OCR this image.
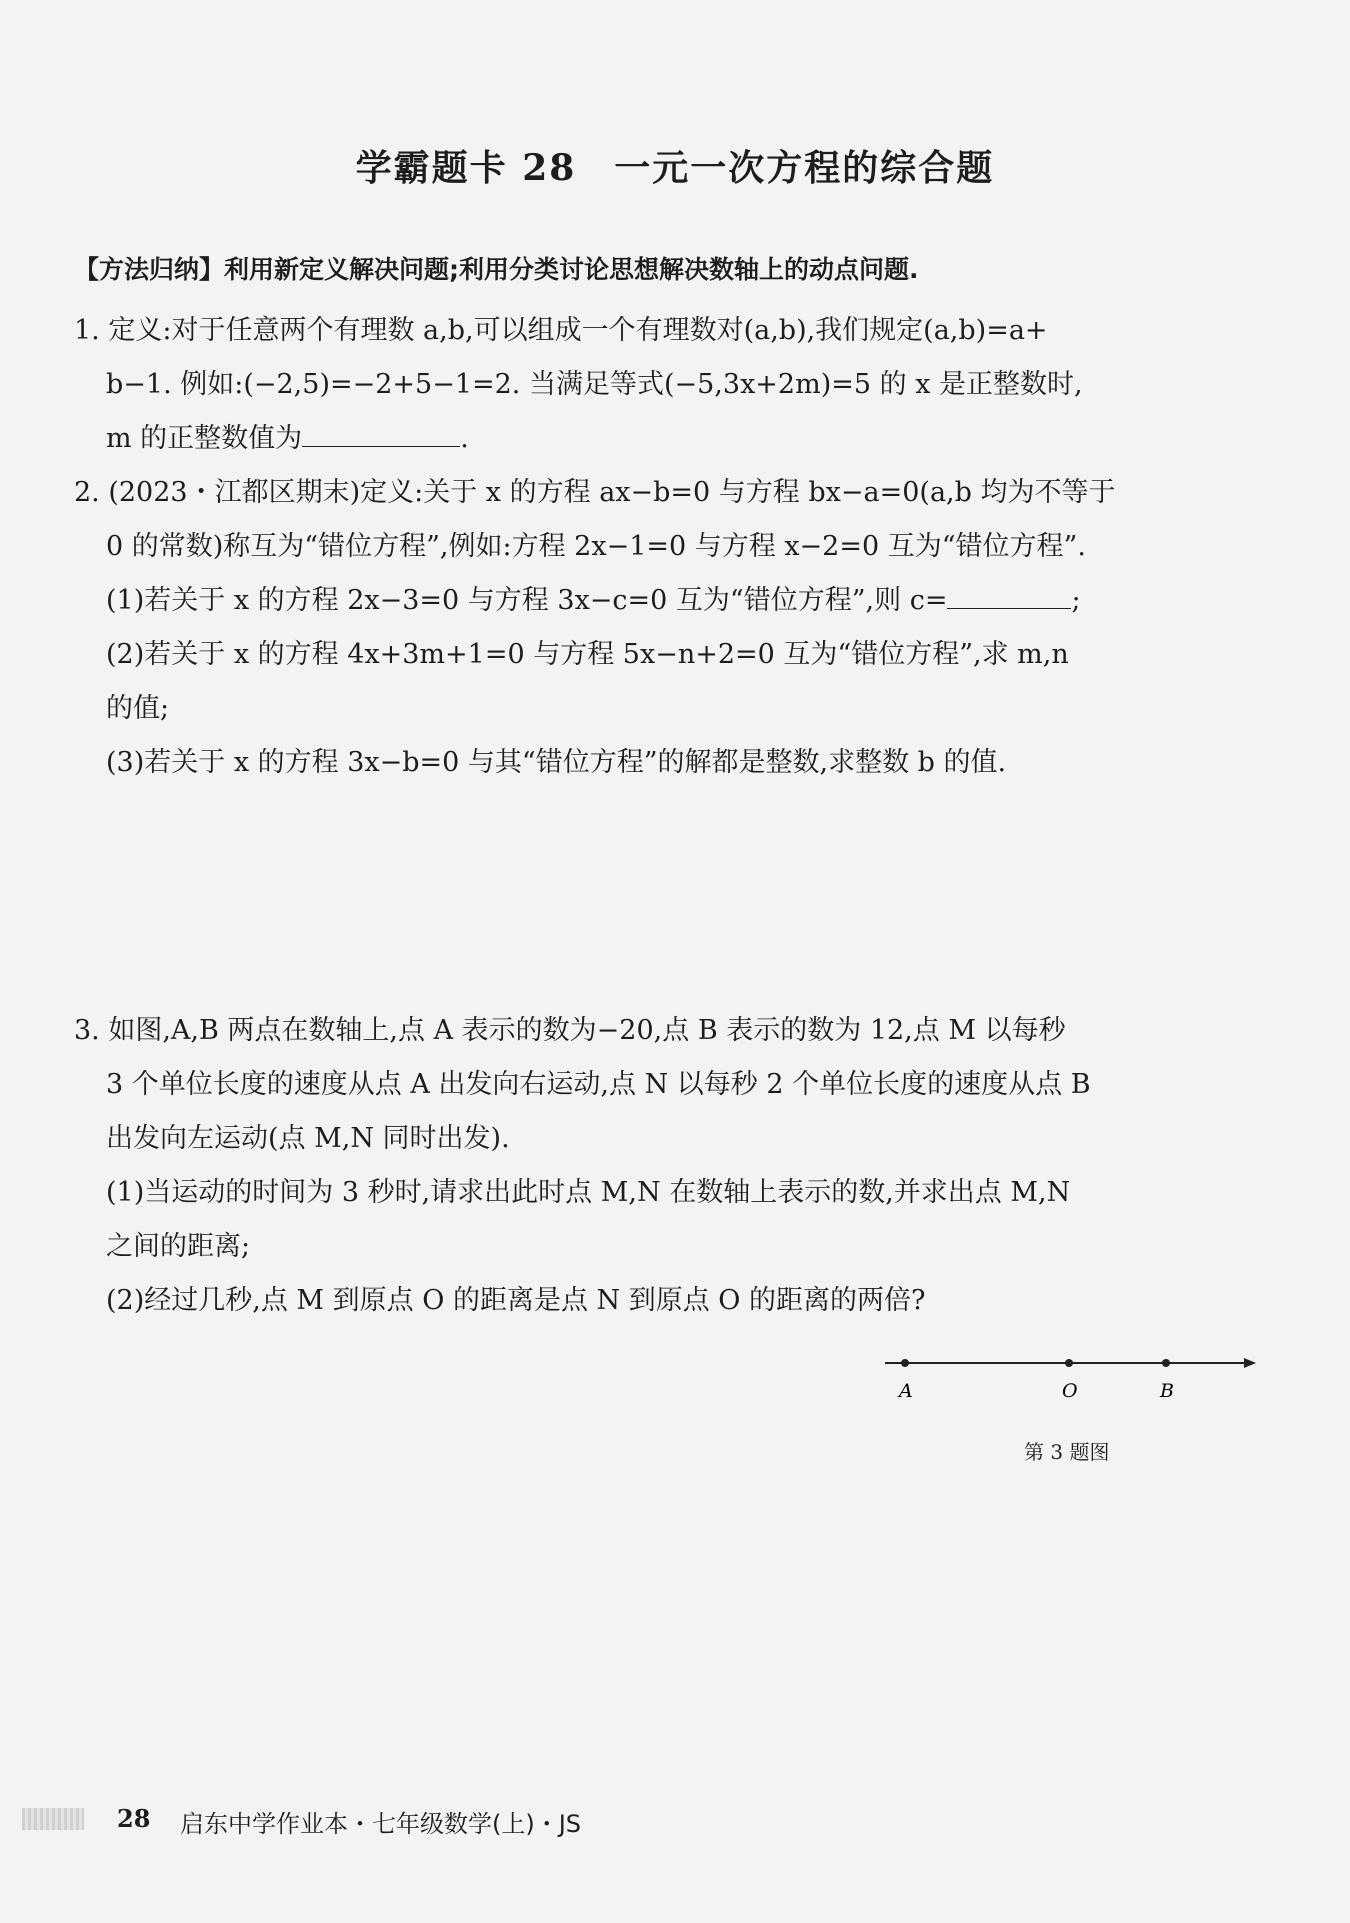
学霸题卡 28　一元一次方程的综合题
【方法归纳】利用新定义解决问题;利用分类讨论思想解决数轴上的动点问题.
1. 定义:对于任意两个有理数 a,b,可以组成一个有理数对(a,b),我们规定(a,b)=a+
b−1. 例如:(−2,5)=−2+5−1=2. 当满足等式(−5,3x+2m)=5 的 x 是正整数时,
m 的正整数值为	.
2. (2023・江都区期末)定义:关于 x 的方程 ax−b=0 与方程 bx−a=0(a,b 均为不等于
0 的常数)称互为“错位方程”,例如:方程 2x−1=0 与方程 x−2=0 互为“错位方程”.
(1)若关于 x 的方程 2x−3=0 与方程 3x−c=0 互为“错位方程”,则 c=	;
(2)若关于 x 的方程 4x+3m+1=0 与方程 5x−n+2=0 互为“错位方程”,求 m,n
的值;
(3)若关于 x 的方程 3x−b=0 与其“错位方程”的解都是整数,求整数 b 的值.
3. 如图,A,B 两点在数轴上,点 A 表示的数为−20,点 B 表示的数为 12,点 M 以每秒
3 个单位长度的速度从点 A 出发向右运动,点 N 以每秒 2 个单位长度的速度从点 B
出发向左运动(点 M,N 同时出发).
(1)当运动的时间为 3 秒时,请求出此时点 M,N 在数轴上表示的数,并求出点 M,N
之间的距离;
(2)经过几秒,点 M 到原点 O 的距离是点 N 到原点 O 的距离的两倍?
A	O	B
第 3 题图
28 启东中学作业本・七年级数学(上)・JS
